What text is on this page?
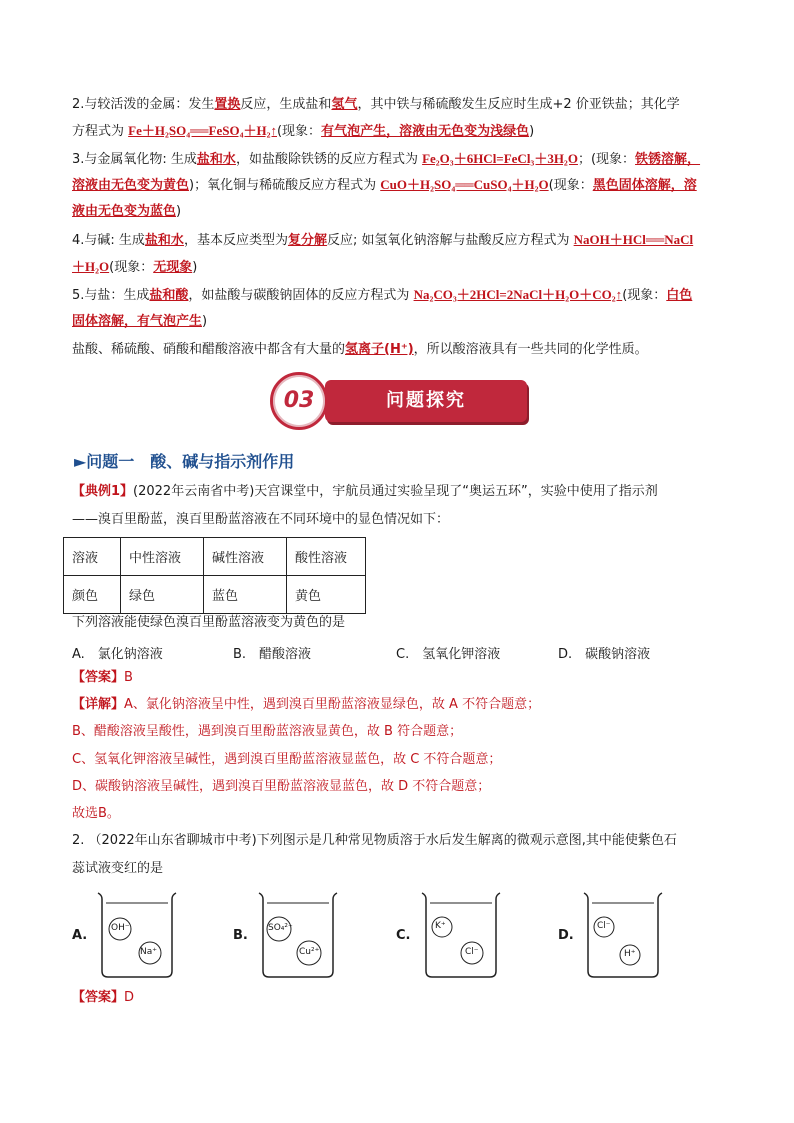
2.与较活泼的金属：发生置换反应，生成盐和氢气，其中铁与稀硫酸发生反应时生成+2 价亚铁盐；其化学
方程式为 Fe＋H₂SO₄══FeSO₄＋H₂↑(现象：有气泡产生，溶液由无色变为浅绿色)
3.与金属氧化物: 生成盐和水，如盐酸除铁锈的反应方程式为 Fe₂O₃＋6HCl=FeCl₃＋3H₂O；(现象：铁锈溶解，
溶液由无色变为黄色)；氧化铜与稀硫酸反应方程式为 CuO＋H₂SO₄══CuSO₄＋H₂O(现象：黑色固体溶解，溶
液由无色变为蓝色)
4.与碱: 生成盐和水，基本反应类型为复分解反应; 如氢氧化钠溶解与盐酸反应方程式为 NaOH＋HCl══NaCl
＋H₂O(现象：无现象)
5.与盐：生成盐和酸，如盐酸与碳酸钠固体的反应方程式为 Na₂CO₃＋2HCl=2NaCl＋H₂O＋CO₂↑(现象：白色
固体溶解，有气泡产生)
盐酸、稀硫酸、硝酸和醋酸溶液中都含有大量的氢离子(H⁺)，所以酸溶液具有一些共同的化学性质。
问题探究
03
►问题一　酸、碱与指示剂作用
【典例1】(2022年云南省中考)天宫课堂中，宇航员通过实验呈现了“奥运五环”，实验中使用了指示剂
——溴百里酚蓝，溴百里酚蓝溶液在不同环境中的显色情况如下：
溶液	中性溶液	碱性溶液	酸性溶液
颜色	绿色	蓝色	黄色
下列溶液能使绿色溴百里酚蓝溶液变为黄色的是
A.　氯化钠溶液	B.　醋酸溶液	C.　氢氧化钾溶液	D.　碳酸钠溶液
【答案】B
【详解】A、氯化钠溶液呈中性，遇到溴百里酚蓝溶液显绿色，故 A 不符合题意；
B、醋酸溶液呈酸性，遇到溴百里酚蓝溶液显黄色，故 B 符合题意；
C、氢氧化钾溶液呈碱性，遇到溴百里酚蓝溶液显蓝色，故 C 不符合题意；
D、碳酸钠溶液呈碱性，遇到溴百里酚蓝溶液显蓝色，故 D 不符合题意；
故选B。
2. （2022年山东省聊城市中考)下列图示是几种常见物质溶于水后发生解离的微观示意图,其中能使紫色石
蕊试液变红的是
A.	OH⁻
Na⁺
B. SO₄²⁻
Cu²⁺
C.
K⁺
Cl⁻
D.
Cl⁻
H⁺
【答案】D
